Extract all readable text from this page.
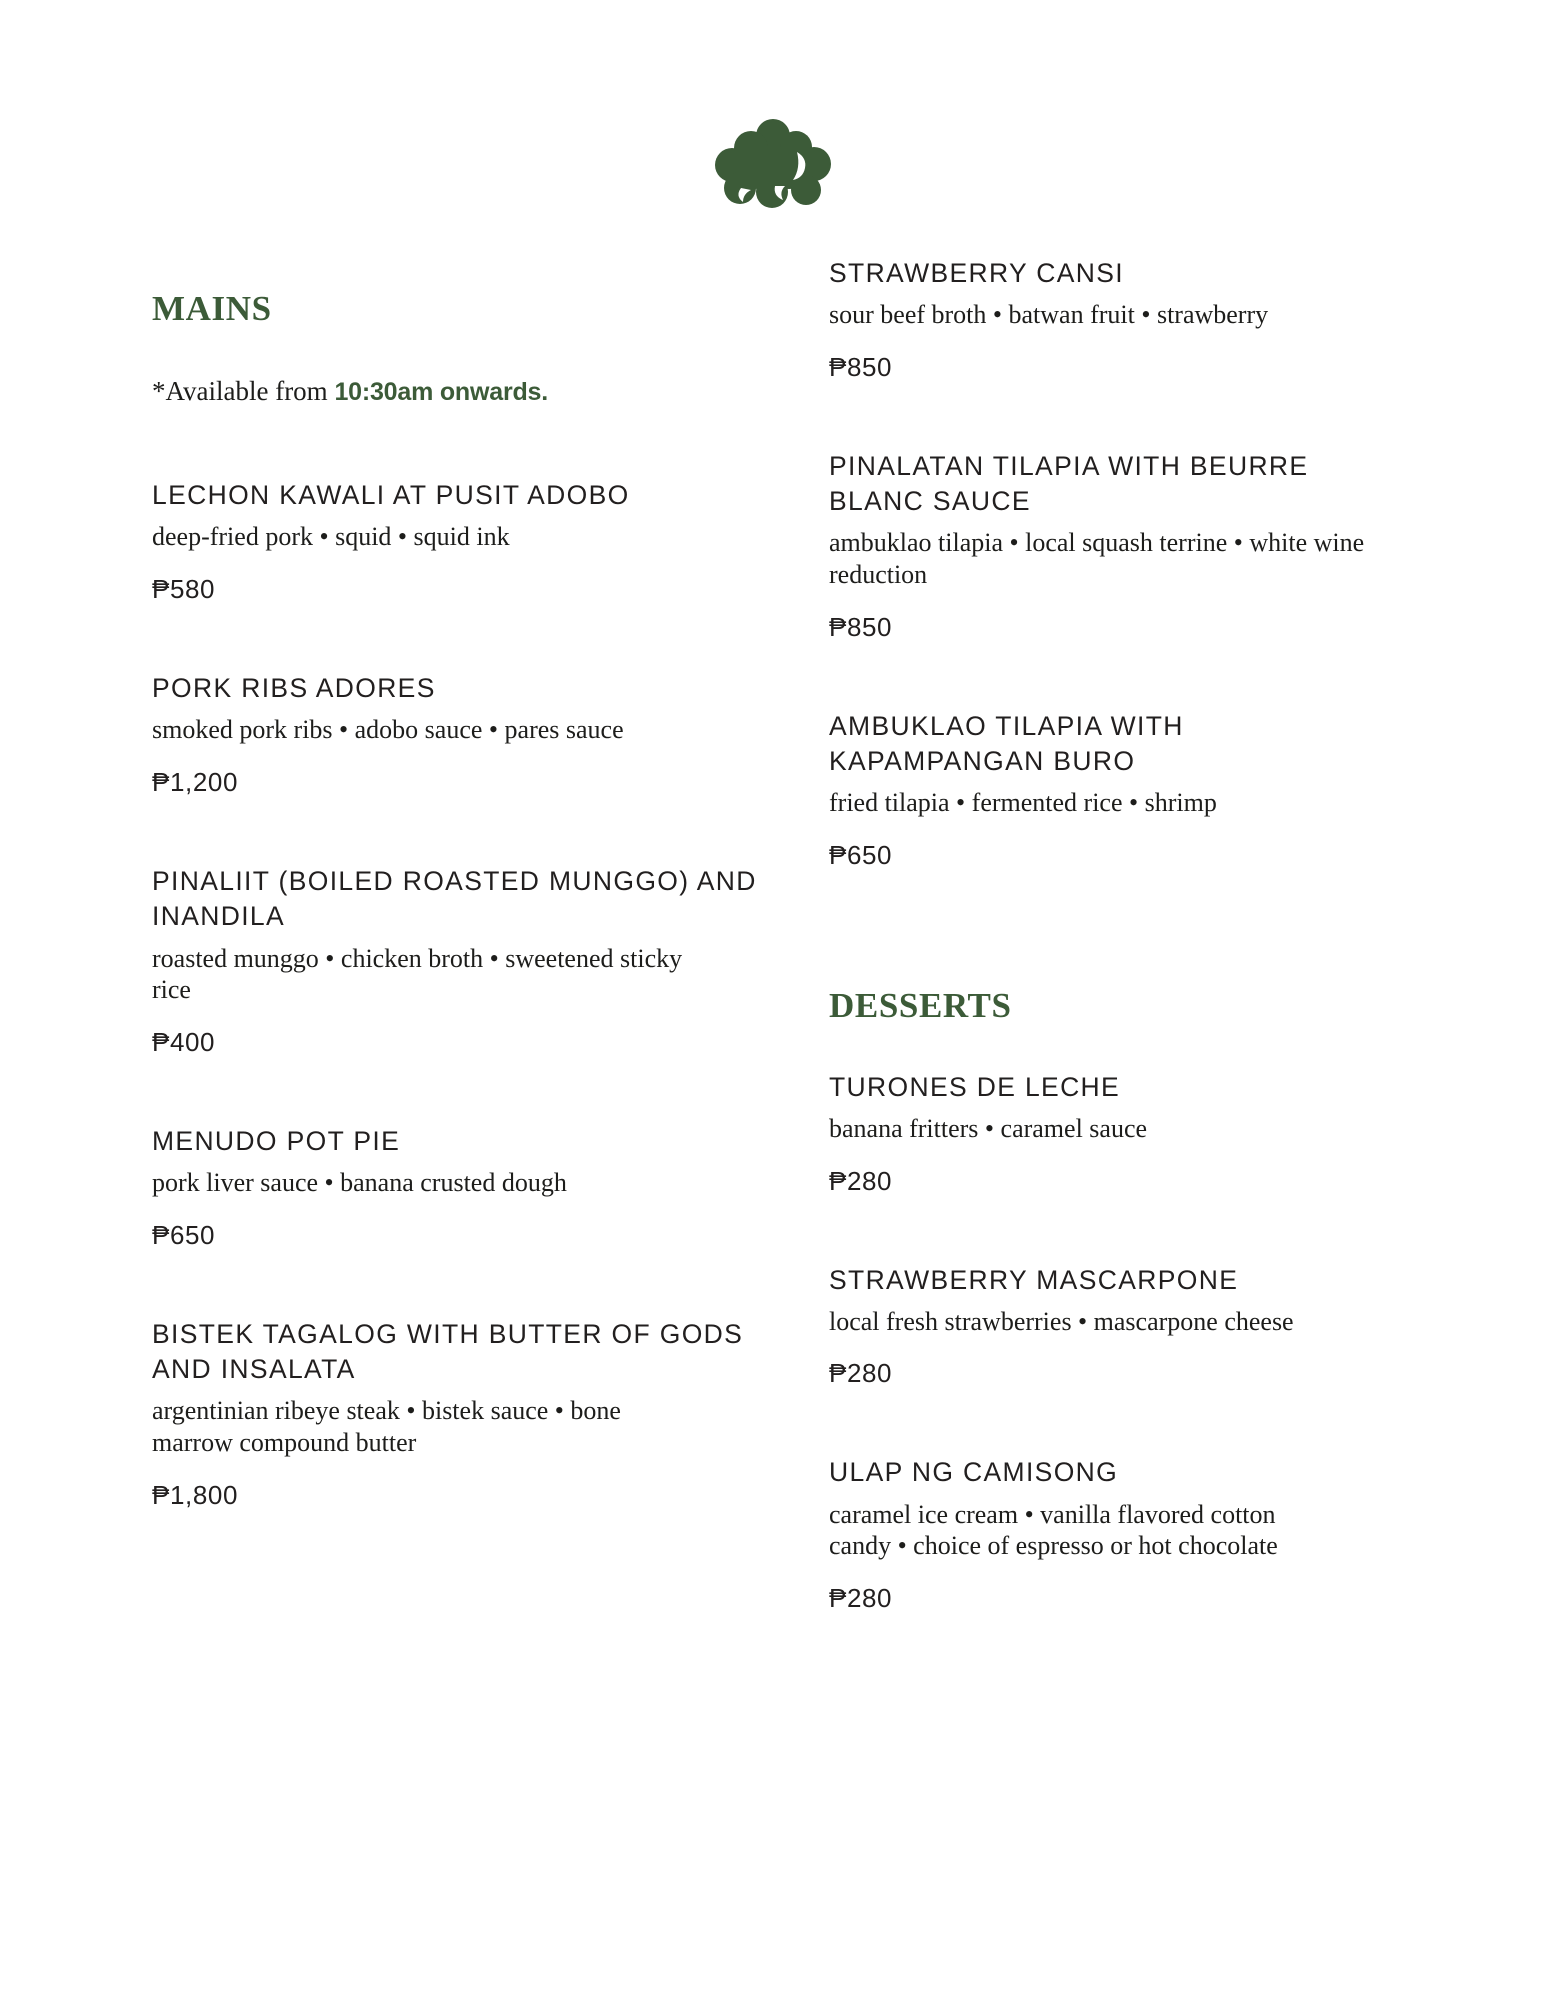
MAINS

*Available from 10:30am onwards.

LECHON KAWALI AT PUSIT ADOBO
deep-fried pork • squid • squid ink
₱580
PORK RIBS ADORES
smoked pork ribs • adobo sauce • pares sauce
₱1,200
PINALIIT (BOILED ROASTED MUNGGO) AND INANDILA
roasted munggo • chicken broth • sweetened sticky rice
₱400
MENUDO POT PIE
pork liver sauce • banana crusted dough
₱650
BISTEK TAGALOG WITH BUTTER OF GODS AND INSALATA
argentinian ribeye steak • bistek sauce • bone marrow compound butter
₱1,800
STRAWBERRY CANSI
sour beef broth • batwan fruit • strawberry
₱850
PINALATAN TILAPIA WITH BEURRE BLANC SAUCE
ambuklao tilapia • local squash terrine • white wine reduction
₱850
AMBUKLAO TILAPIA WITH KAPAMPANGAN BURO
fried tilapia • fermented rice • shrimp
₱650
DESSERTS
TURONES DE LECHE
banana fritters • caramel sauce
₱280
STRAWBERRY MASCARPONE
local fresh strawberries • mascarpone cheese
₱280
ULAP NG CAMISONG
caramel ice cream • vanilla flavored cotton candy • choice of espresso or hot chocolate
₱280
